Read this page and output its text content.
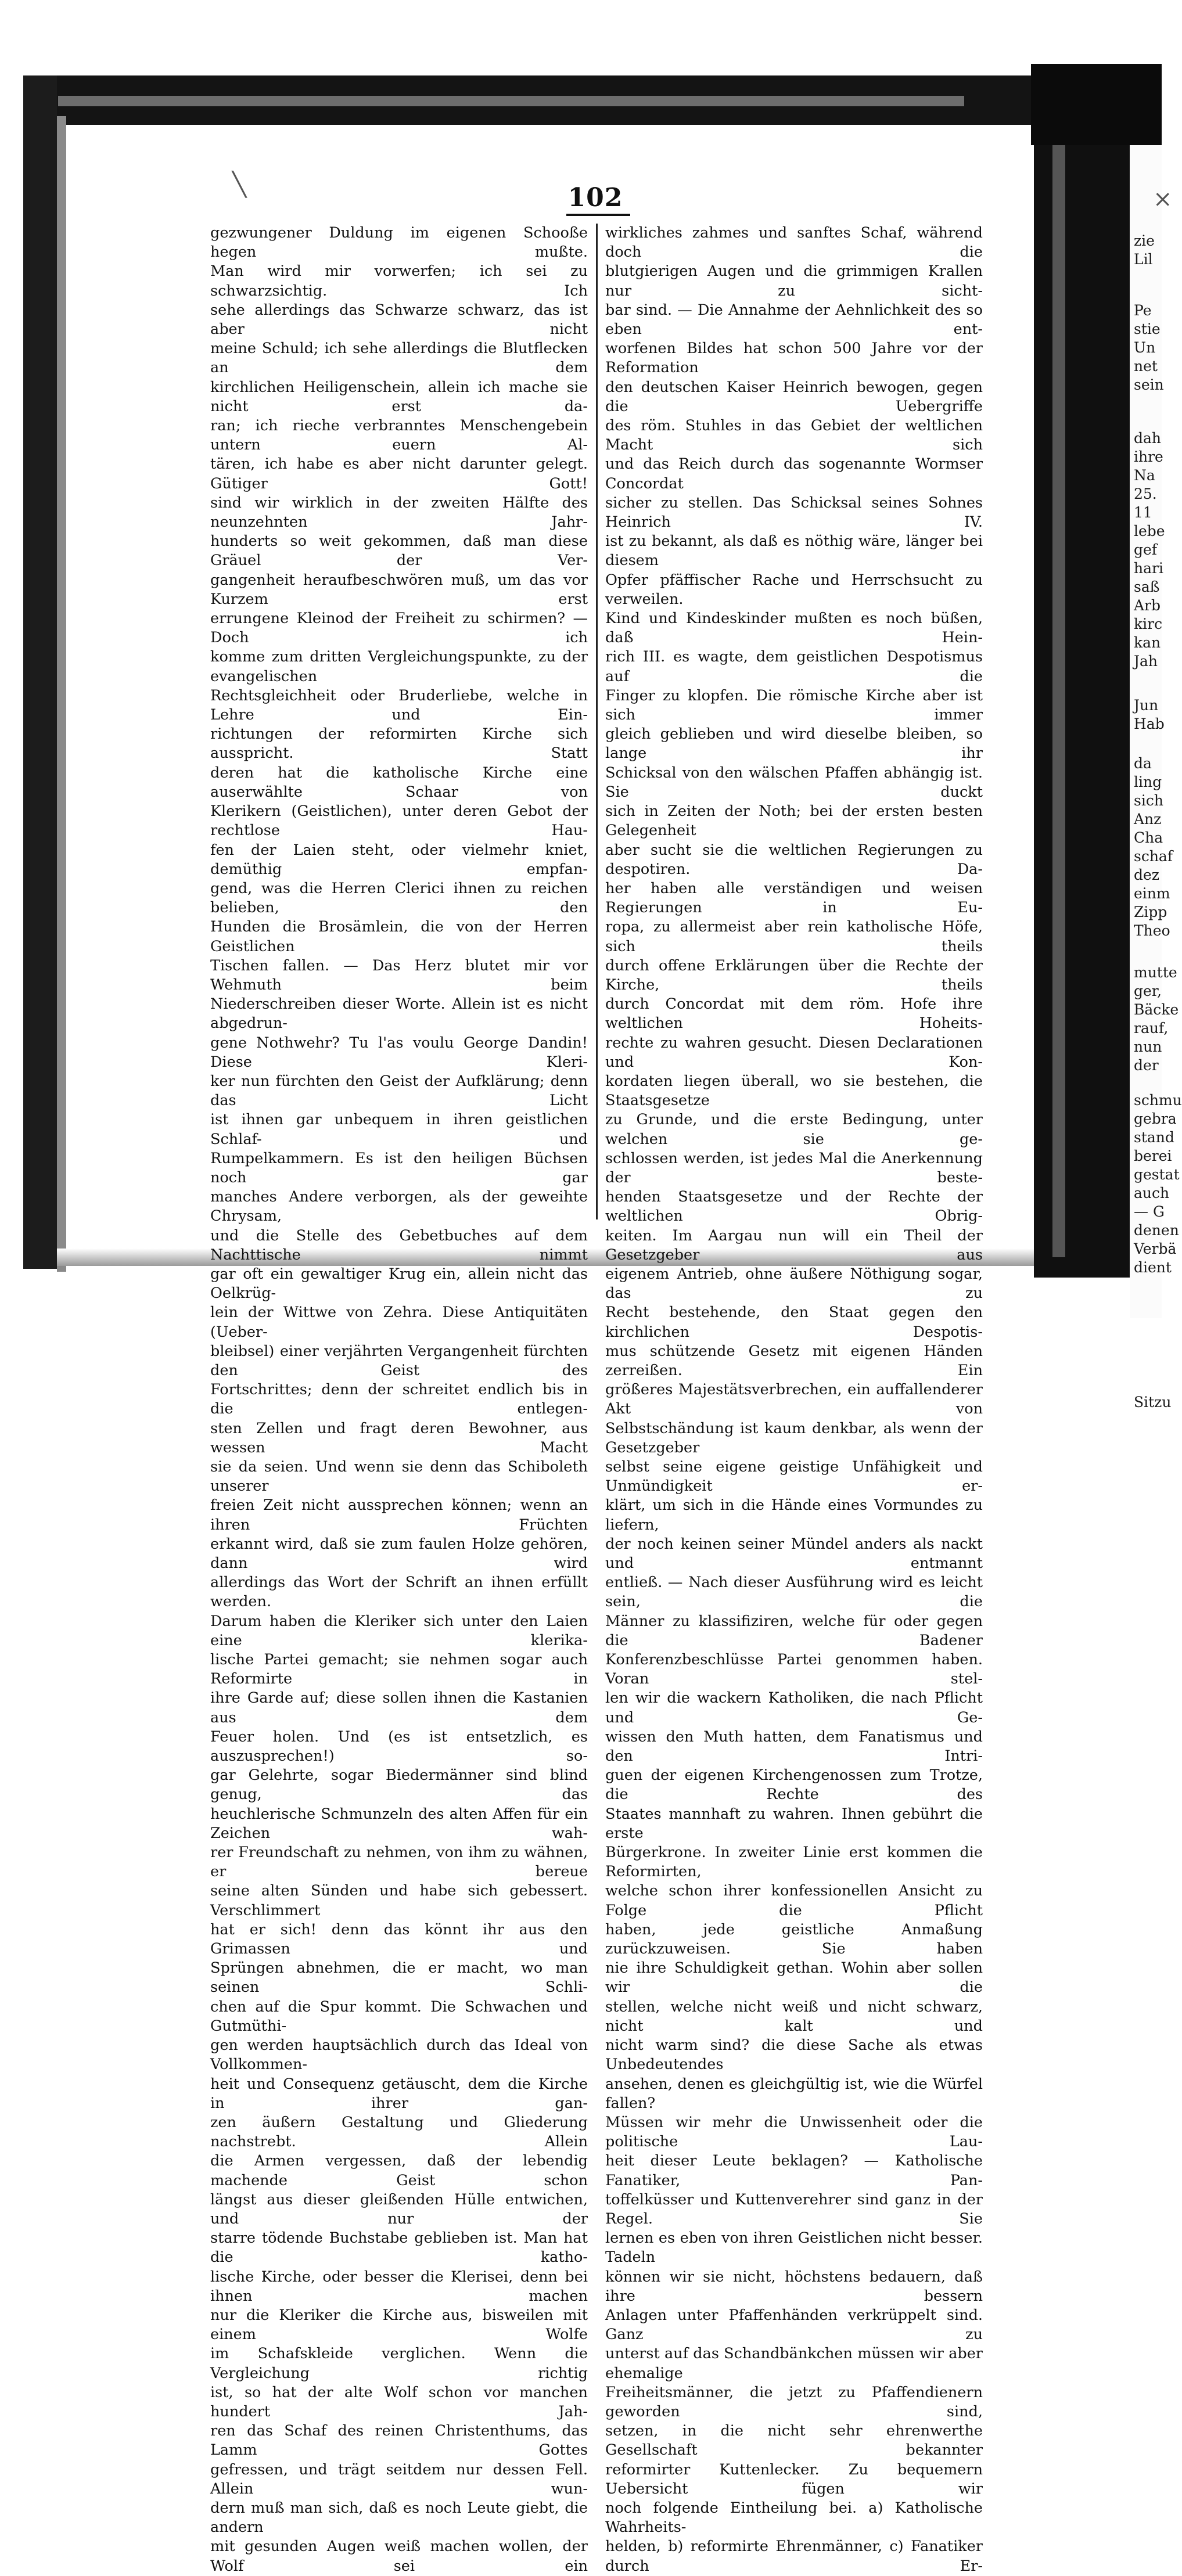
╲
×
102

gezwungener Duldung im eigenen Schooße hegen mußte.
Man wird mir vorwerfen; ich sei zu schwarzsichtig. Ich
sehe allerdings das Schwarze schwarz, das ist aber nicht
meine Schuld; ich sehe allerdings die Blutflecken an dem
kirchlichen Heiligenschein, allein ich mache sie nicht erst da-
ran; ich rieche verbranntes Menschengebein untern euern Al-
tären, ich habe es aber nicht darunter gelegt. Gütiger Gott!
sind wir wirklich in der zweiten Hälfte des neunzehnten Jahr-
hunderts so weit gekommen, daß man diese Gräuel der Ver-
gangenheit heraufbeschwören muß, um das vor Kurzem erst
errungene Kleinod der Freiheit zu schirmen? — Doch ich
komme zum dritten Vergleichungspunkte, zu der evangelischen
Rechtsgleichheit oder Bruderliebe, welche in Lehre und Ein-
richtungen der reformirten Kirche sich ausspricht. Statt
deren hat die katholische Kirche eine auserwählte Schaar von
Klerikern (Geistlichen), unter deren Gebot der rechtlose Hau-
fen der Laien steht, oder vielmehr kniet, demüthig empfan-
gend, was die Herren Clerici ihnen zu reichen belieben, den
Hunden die Brosämlein, die von der Herren Geistlichen
Tischen fallen. — Das Herz blutet mir vor Wehmuth beim
Niederschreiben dieser Worte. Allein ist es nicht abgedrun-
gene Nothwehr? Tu l'as voulu George Dandin! Diese Kleri-
ker nun fürchten den Geist der Aufklärung; denn das Licht
ist ihnen gar unbequem in ihren geistlichen Schlaf- und
Rumpelkammern. Es ist den heiligen Büchsen noch gar
manches Andere verborgen, als der geweihte Chrysam,
und die Stelle des Gebetbuches auf dem Nachttische nimmt
gar oft ein gewaltiger Krug ein, allein nicht das Oelkrüg-
lein der Wittwe von Zehra. Diese Antiquitäten (Ueber-
bleibsel) einer verjährten Vergangenheit fürchten den Geist des
Fortschrittes; denn der schreitet endlich bis in die entlegen-
sten Zellen und fragt deren Bewohner, aus wessen Macht
sie da seien. Und wenn sie denn das Schiboleth unserer
freien Zeit nicht aussprechen können; wenn an ihren Früchten
erkannt wird, daß sie zum faulen Holze gehören, dann wird
allerdings das Wort der Schrift an ihnen erfüllt werden.
Darum haben die Kleriker sich unter den Laien eine klerika-
lische Partei gemacht; sie nehmen sogar auch Reformirte in
ihre Garde auf; diese sollen ihnen die Kastanien aus dem
Feuer holen. Und (es ist entsetzlich, es auszusprechen!) so-
gar Gelehrte, sogar Biedermänner sind blind genug, das
heuchlerische Schmunzeln des alten Affen für ein Zeichen wah-
rer Freundschaft zu nehmen, von ihm zu wähnen, er bereue
seine alten Sünden und habe sich gebessert. Verschlimmert
hat er sich! denn das könnt ihr aus den Grimassen und
Sprüngen abnehmen, die er macht, wo man seinen Schli-
chen auf die Spur kommt. Die Schwachen und Gutmüthi-
gen werden hauptsächlich durch das Ideal von Vollkommen-
heit und Consequenz getäuscht, dem die Kirche in ihrer gan-
zen äußern Gestaltung und Gliederung nachstrebt. Allein
die Armen vergessen, daß der lebendig machende Geist schon
längst aus dieser gleißenden Hülle entwichen, und nur der
starre tödende Buchstabe geblieben ist. Man hat die katho-
lische Kirche, oder besser die Klerisei, denn bei ihnen machen
nur die Kleriker die Kirche aus, bisweilen mit einem Wolfe
im Schafskleide verglichen. Wenn die Vergleichung richtig
ist, so hat der alte Wolf schon vor manchen hundert Jah-
ren das Schaf des reinen Christenthums, das Lamm Gottes
gefressen, und trägt seitdem nur dessen Fell. Allein wun-
dern muß man sich, daß es noch Leute giebt, die andern
mit gesunden Augen weiß machen wollen, der Wolf sei ein

wirkliches zahmes und sanftes Schaf, während doch die
blutgierigen Augen und die grimmigen Krallen nur zu sicht-
bar sind. — Die Annahme der Aehnlichkeit des so eben ent-
worfenen Bildes hat schon 500 Jahre vor der Reformation
den deutschen Kaiser Heinrich bewogen, gegen die Uebergriffe
des röm. Stuhles in das Gebiet der weltlichen Macht sich
und das Reich durch das sogenannte Wormser Concordat
sicher zu stellen. Das Schicksal seines Sohnes Heinrich IV.
ist zu bekannt, als daß es nöthig wäre, länger bei diesem
Opfer pfäffischer Rache und Herrschsucht zu verweilen.
Kind und Kindeskinder mußten es noch büßen, daß Hein-
rich III. es wagte, dem geistlichen Despotismus auf die
Finger zu klopfen. Die römische Kirche aber ist sich immer
gleich geblieben und wird dieselbe bleiben, so lange ihr
Schicksal von den wälschen Pfaffen abhängig ist. Sie duckt
sich in Zeiten der Noth; bei der ersten besten Gelegenheit
aber sucht sie die weltlichen Regierungen zu despotiren. Da-
her haben alle verständigen und weisen Regierungen in Eu-
ropa, zu allermeist aber rein katholische Höfe, sich theils
durch offene Erklärungen über die Rechte der Kirche, theils
durch Concordat mit dem röm. Hofe ihre weltlichen Hoheits-
rechte zu wahren gesucht. Diesen Declarationen und Kon-
kordaten liegen überall, wo sie bestehen, die Staatsgesetze
zu Grunde, und die erste Bedingung, unter welchen sie ge-
schlossen werden, ist jedes Mal die Anerkennung der beste-
henden Staatsgesetze und der Rechte der weltlichen Obrig-
keiten. Im Aargau nun will ein Theil der Gesetzgeber aus
eigenem Antrieb, ohne äußere Nöthigung sogar, das zu
Recht bestehende, den Staat gegen den kirchlichen Despotis-
mus schützende Gesetz mit eigenen Händen zerreißen. Ein
größeres Majestätsverbrechen, ein auffallenderer Akt von
Selbstschändung ist kaum denkbar, als wenn der Gesetzgeber
selbst seine eigene geistige Unfähigkeit und Unmündigkeit er-
klärt, um sich in die Hände eines Vormundes zu liefern,
der noch keinen seiner Mündel anders als nackt und entmannt
entließ. — Nach dieser Ausführung wird es leicht sein, die
Männer zu klassifiziren, welche für oder gegen die Badener
Konferenzbeschlüsse Partei genommen haben. Voran stel-
len wir die wackern Katholiken, die nach Pflicht und Ge-
wissen den Muth hatten, dem Fanatismus und den Intri-
guen der eigenen Kirchengenossen zum Trotze, die Rechte des
Staates mannhaft zu wahren. Ihnen gebührt die erste
Bürgerkrone. In zweiter Linie erst kommen die Reformirten,
welche schon ihrer konfessionellen Ansicht zu Folge die Pflicht
haben, jede geistliche Anmaßung zurückzuweisen. Sie haben
nie ihre Schuldigkeit gethan. Wohin aber sollen wir die
stellen, welche nicht weiß und nicht schwarz, nicht kalt und
nicht warm sind? die diese Sache als etwas Unbedeutendes
ansehen, denen es gleichgültig ist, wie die Würfel fallen?
Müssen wir mehr die Unwissenheit oder die politische Lau-
heit dieser Leute beklagen? — Katholische Fanatiker, Pan-
toffelküsser und Kuttenverehrer sind ganz in der Regel. Sie
lernen es eben von ihren Geistlichen nicht besser. Tadeln
können wir sie nicht, höchstens bedauern, daß ihre bessern
Anlagen unter Pfaffenhänden verkrüppelt sind. Ganz zu
unterst auf das Schandbänkchen müssen wir aber ehemalige
Freiheitsmänner, die jetzt zu Pfaffendienern geworden sind,
setzen, in die nicht sehr ehrenwerthe Gesellschaft bekannter
reformirter Kuttenlecker. Zu bequemern Uebersicht fügen wir
noch folgende Eintheilung bei. a) Katholische Wahrheits-
helden, b) reformirte Ehrenmänner, c) Fanatiker durch Er-

zie
Lil
Pe
stie
Un
net
sein
dah
ihre
Na
25.
11
lebe
gef
hari
saß
Arb
kirc
kan
Jah
Jun
Hab
da
ling
sich
Anz
Cha
schaf
dez
einm
Zipp
Theo
mutte
ger,
Bäcke
rauf,
nun
der
schmu
gebra
stand
berei
gestat
auch
— G
denen
Verbä
dient
Sitzu
